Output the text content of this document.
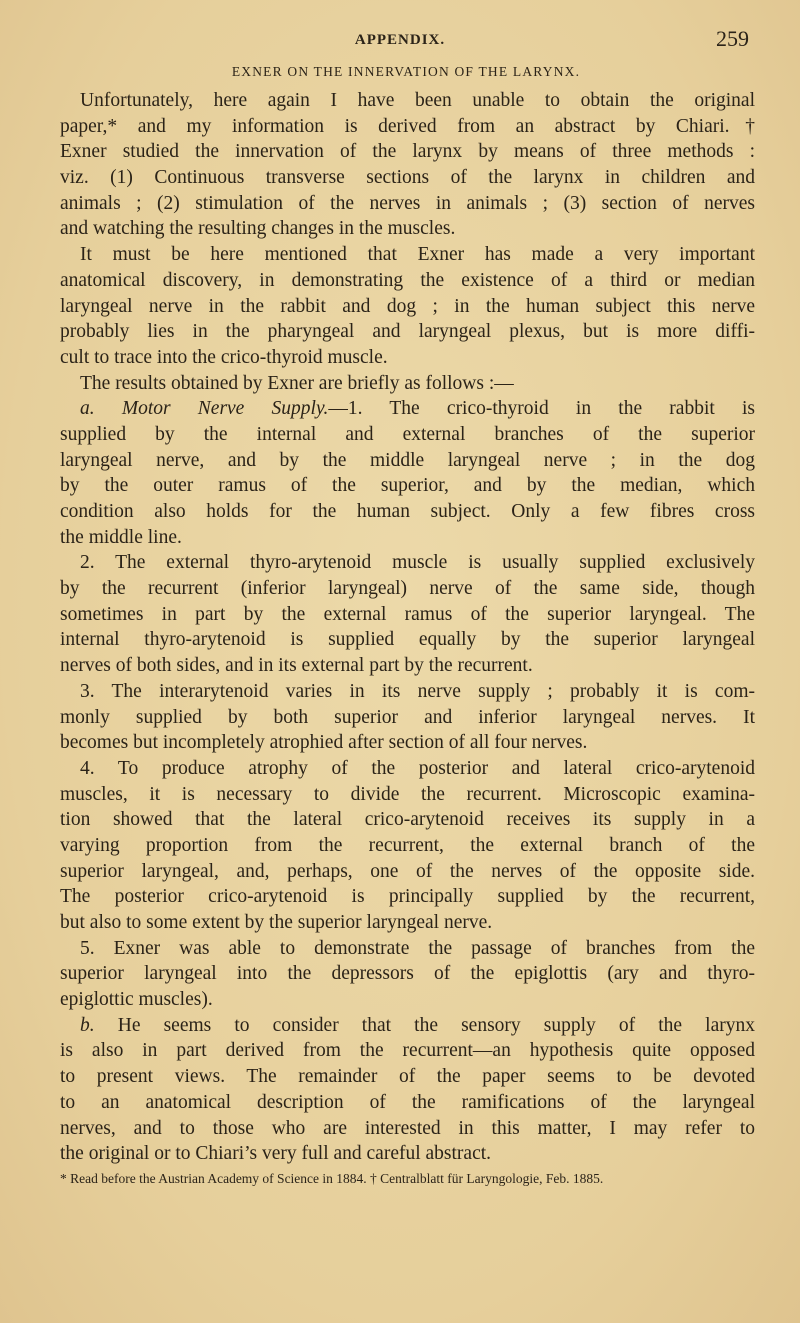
APPENDIX.	259
EXNER ON THE INNERVATION OF THE LARYNX.
Unfortunately, here again I have been unable to obtain the original
paper,* and my information is derived from an abstract by Chiari.†
Exner studied the innervation of the larynx by means of three methods :
viz. (1) Continuous transverse sections of the larynx in children and
animals ; (2) stimulation of the nerves in animals ; (3) section of nerves
and watching the resulting changes in the muscles.
It must be here mentioned that Exner has made a very important
anatomical discovery, in demonstrating the existence of a third or median
laryngeal nerve in the rabbit and dog ; in the human subject this nerve
probably lies in the pharyngeal and laryngeal plexus, but is more diffi-
cult to trace into the crico-thyroid muscle.
The results obtained by Exner are briefly as follows :—
a. Motor Nerve Supply.—1. The crico-thyroid in the rabbit is
supplied by the internal and external branches of the superior
laryngeal nerve, and by the middle laryngeal nerve ; in the dog
by the outer ramus of the superior, and by the median, which
condition also holds for the human subject. Only a few fibres cross
the middle line.
2. The external thyro-arytenoid muscle is usually supplied exclusively
by the recurrent (inferior laryngeal) nerve of the same side, though
sometimes in part by the external ramus of the superior laryngeal. The
internal thyro-arytenoid is supplied equally by the superior laryngeal
nerves of both sides, and in its external part by the recurrent.
3. The interarytenoid varies in its nerve supply ; probably it is com-
monly supplied by both superior and inferior laryngeal nerves. It
becomes but incompletely atrophied after section of all four nerves.
4. To produce atrophy of the posterior and lateral crico-arytenoid
muscles, it is necessary to divide the recurrent. Microscopic examina-
tion showed that the lateral crico-arytenoid receives its supply in a
varying proportion from the recurrent, the external branch of the
superior laryngeal, and, perhaps, one of the nerves of the opposite side.
The posterior crico-arytenoid is principally supplied by the recurrent,
but also to some extent by the superior laryngeal nerve.
5. Exner was able to demonstrate the passage of branches from the
superior laryngeal into the depressors of the epiglottis (ary and thyro-
epiglottic muscles).
b. He seems to consider that the sensory supply of the larynx
is also in part derived from the recurrent—an hypothesis quite opposed
to present views. The remainder of the paper seems to be devoted
to an anatomical description of the ramifications of the laryngeal
nerves, and to those who are interested in this matter, I may refer to
the original or to Chiari’s very full and careful abstract.
* Read before the Austrian Academy of Science in 1884. † Centralblatt für Laryngologie, Feb. 1885.
